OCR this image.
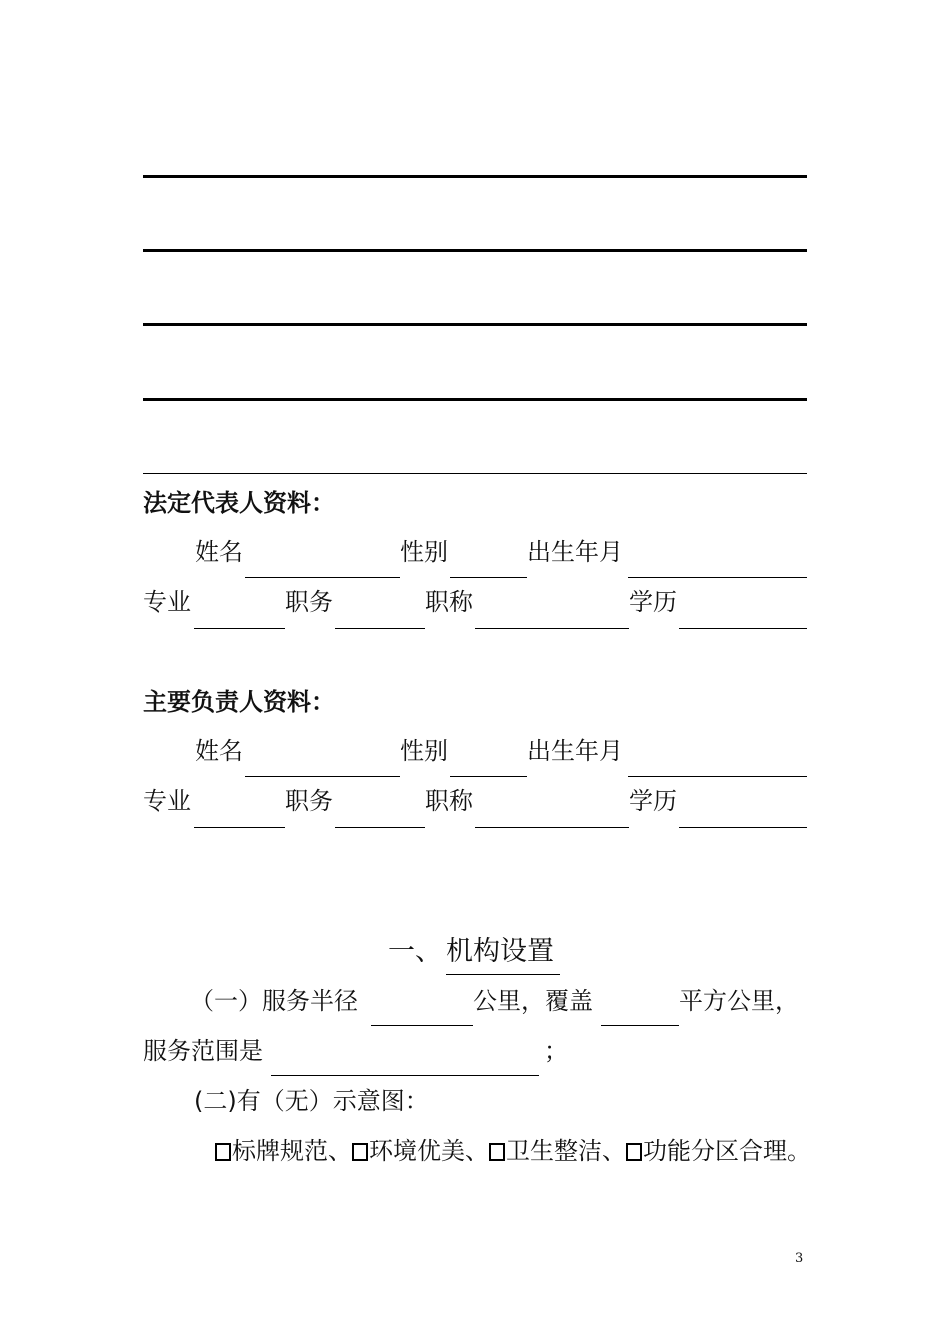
法定代表人资料：
姓名	性别	出生年月
专业	职务	职称	学历
主要负责人资料：
姓名	性别	出生年月
专业	职务	职称	学历
一、 机构设置
（一）服务半径	公里，覆盖	平方公里，
服务范围是	；
(二)有（无）示意图：
标牌规范、 环境优美、 卫生整洁、 功能分区合理。
3
